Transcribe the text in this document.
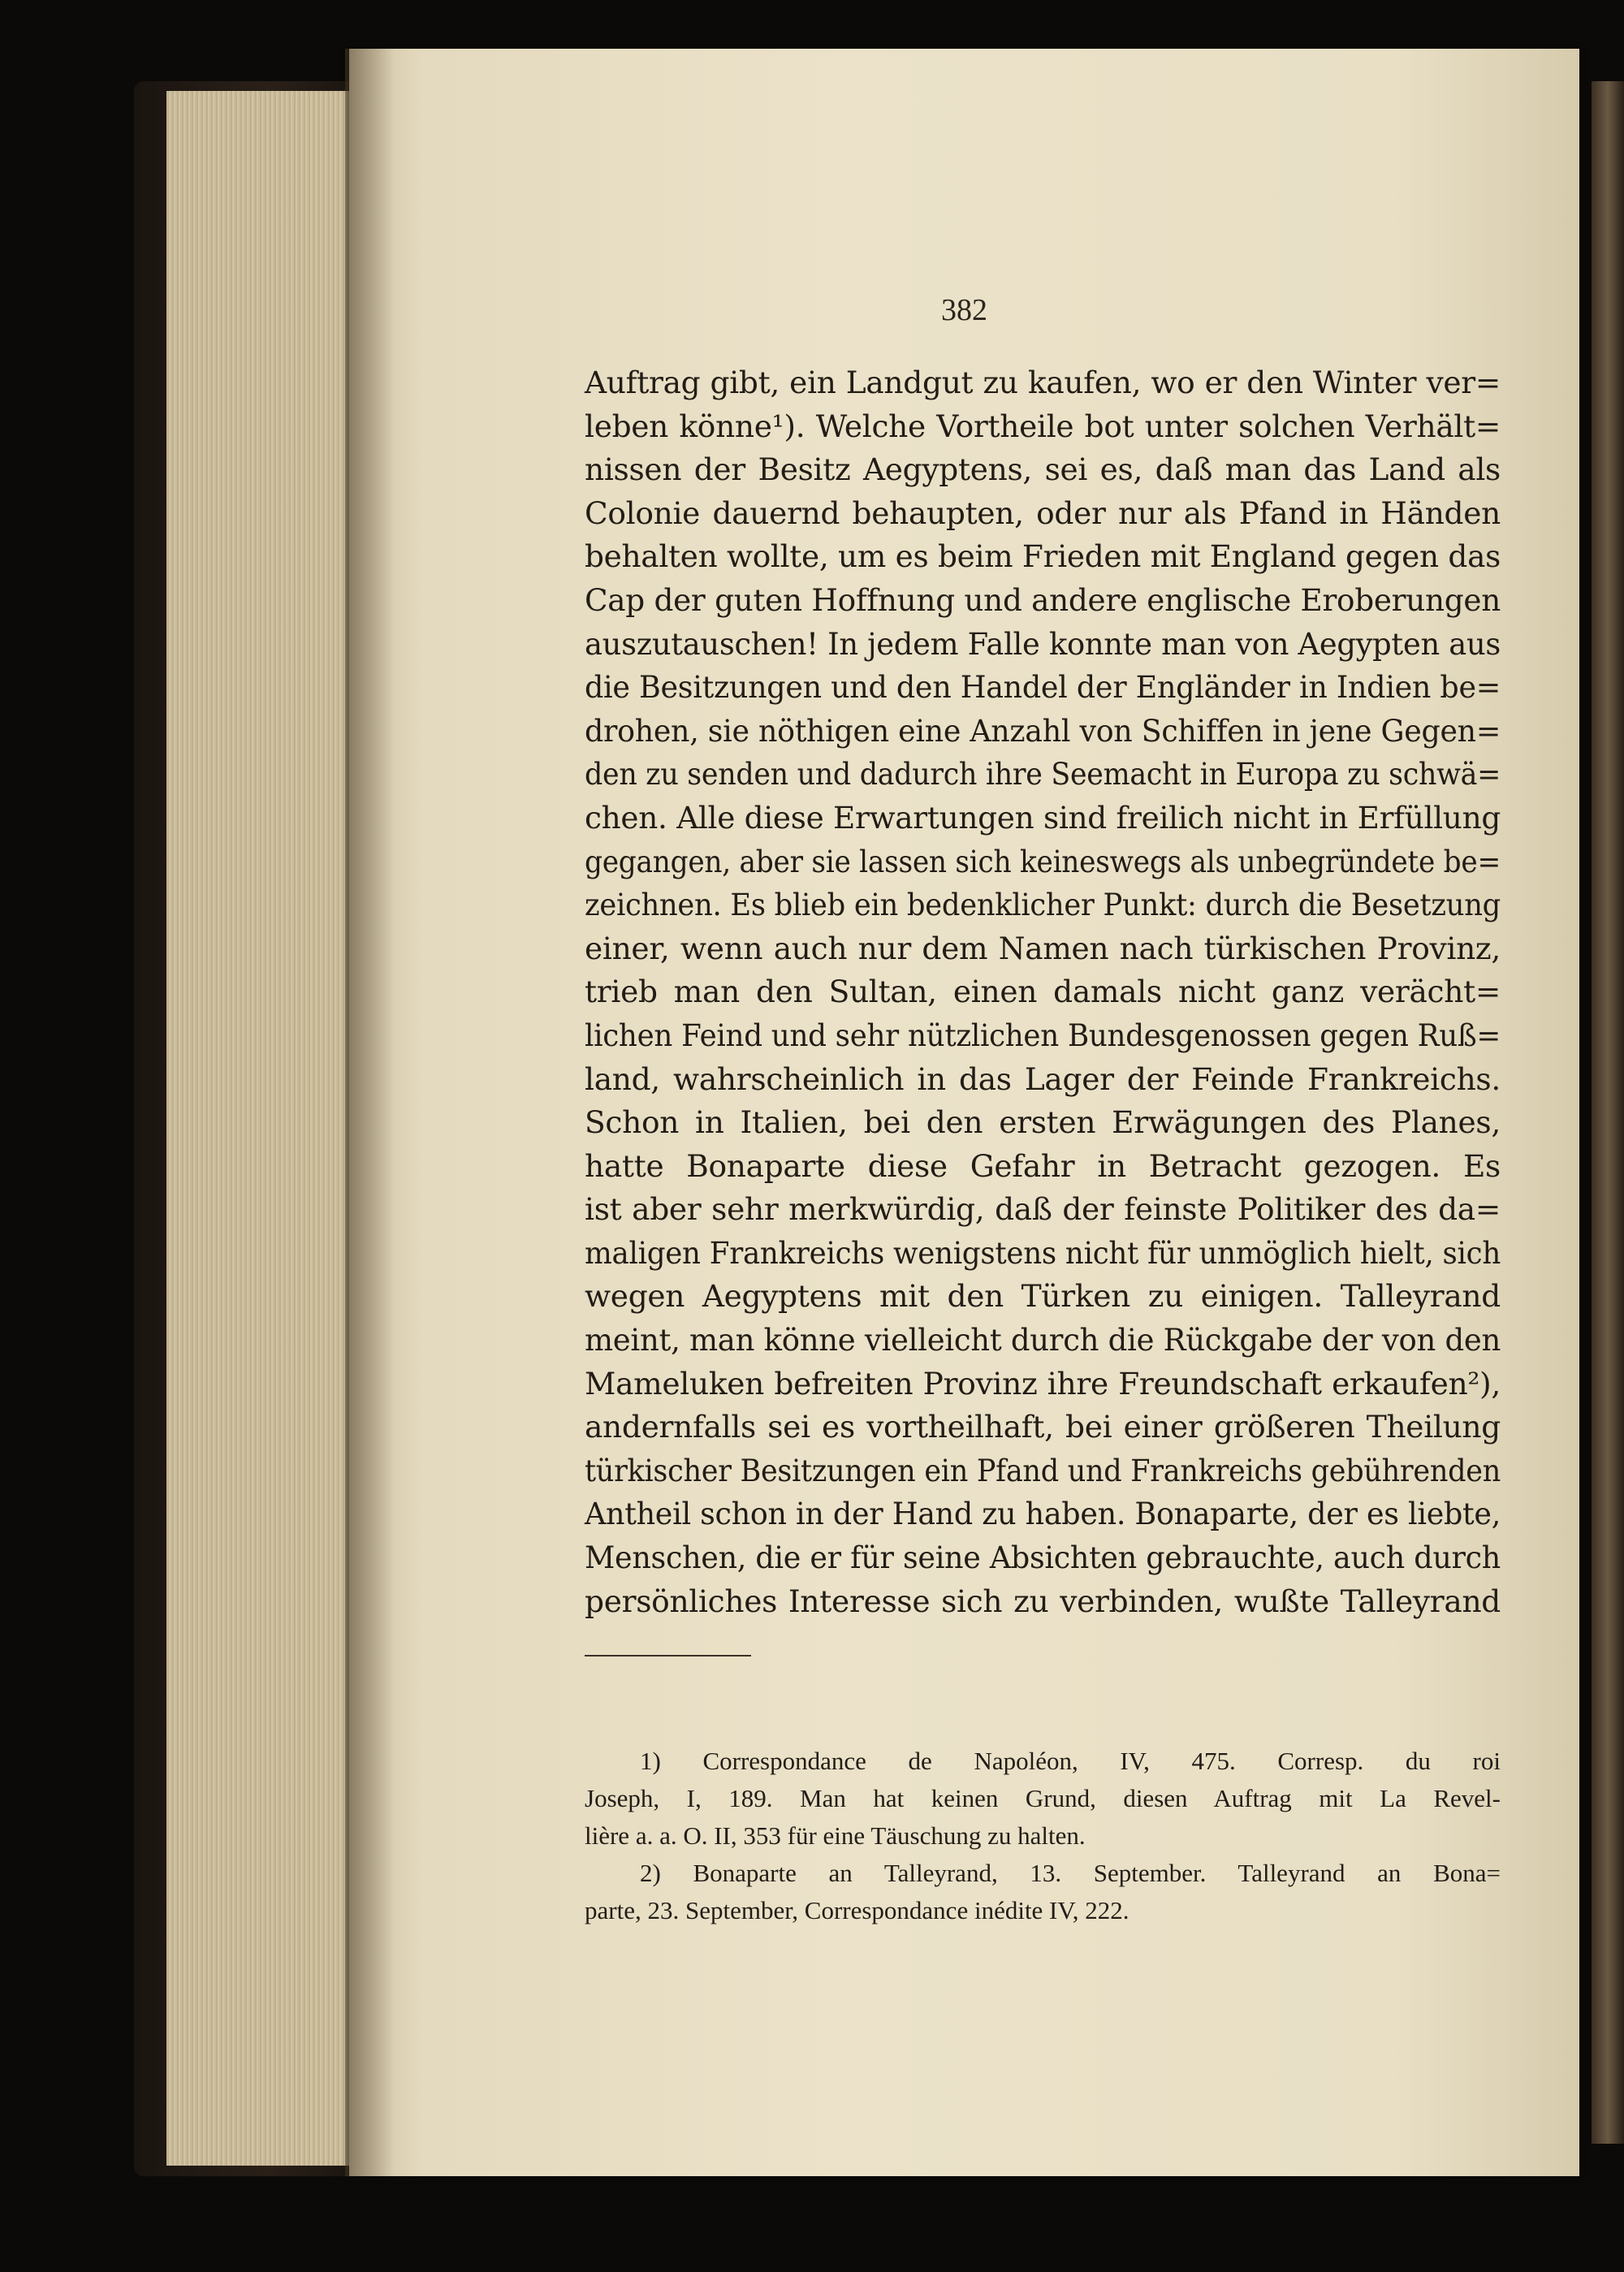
382
Auftrag gibt, ein Landgut zu kaufen, wo er den Winter ver=
leben könne¹). Welche Vortheile bot unter solchen Verhält=
nissen der Besitz Aegyptens, sei es, daß man das Land als
Colonie dauernd behaupten, oder nur als Pfand in Händen
behalten wollte, um es beim Frieden mit England gegen das
Cap der guten Hoffnung und andere englische Eroberungen
auszutauschen! In jedem Falle konnte man von Aegypten aus
die Besitzungen und den Handel der Engländer in Indien be=
drohen, sie nöthigen eine Anzahl von Schiffen in jene Gegen=
den zu senden und dadurch ihre Seemacht in Europa zu schwä=
chen. Alle diese Erwartungen sind freilich nicht in Erfüllung
gegangen, aber sie lassen sich keineswegs als unbegründete be=
zeichnen. Es blieb ein bedenklicher Punkt: durch die Besetzung
einer, wenn auch nur dem Namen nach türkischen Provinz,
trieb man den Sultan, einen damals nicht ganz verächt=
lichen Feind und sehr nützlichen Bundesgenossen gegen Ruß=
land, wahrscheinlich in das Lager der Feinde Frankreichs.
Schon in Italien, bei den ersten Erwägungen des Planes,
hatte Bonaparte diese Gefahr in Betracht gezogen. Es
ist aber sehr merkwürdig, daß der feinste Politiker des da=
maligen Frankreichs wenigstens nicht für unmöglich hielt, sich
wegen Aegyptens mit den Türken zu einigen. Talleyrand
meint, man könne vielleicht durch die Rückgabe der von den
Mameluken befreiten Provinz ihre Freundschaft erkaufen²),
andernfalls sei es vortheilhaft, bei einer größeren Theilung
türkischer Besitzungen ein Pfand und Frankreichs gebührenden
Antheil schon in der Hand zu haben. Bonaparte, der es liebte,
Menschen, die er für seine Absichten gebrauchte, auch durch
persönliches Interesse sich zu verbinden, wußte Talleyrand
1) Correspondance de Napoléon, IV, 475. Corresp. du roi
Joseph, I, 189. Man hat keinen Grund, diesen Auftrag mit La Revel-
lière a. a. O. II, 353 für eine Täuschung zu halten.
2) Bonaparte an Talleyrand, 13. September. Talleyrand an Bona=
parte, 23. September, Correspondance inédite IV, 222.
